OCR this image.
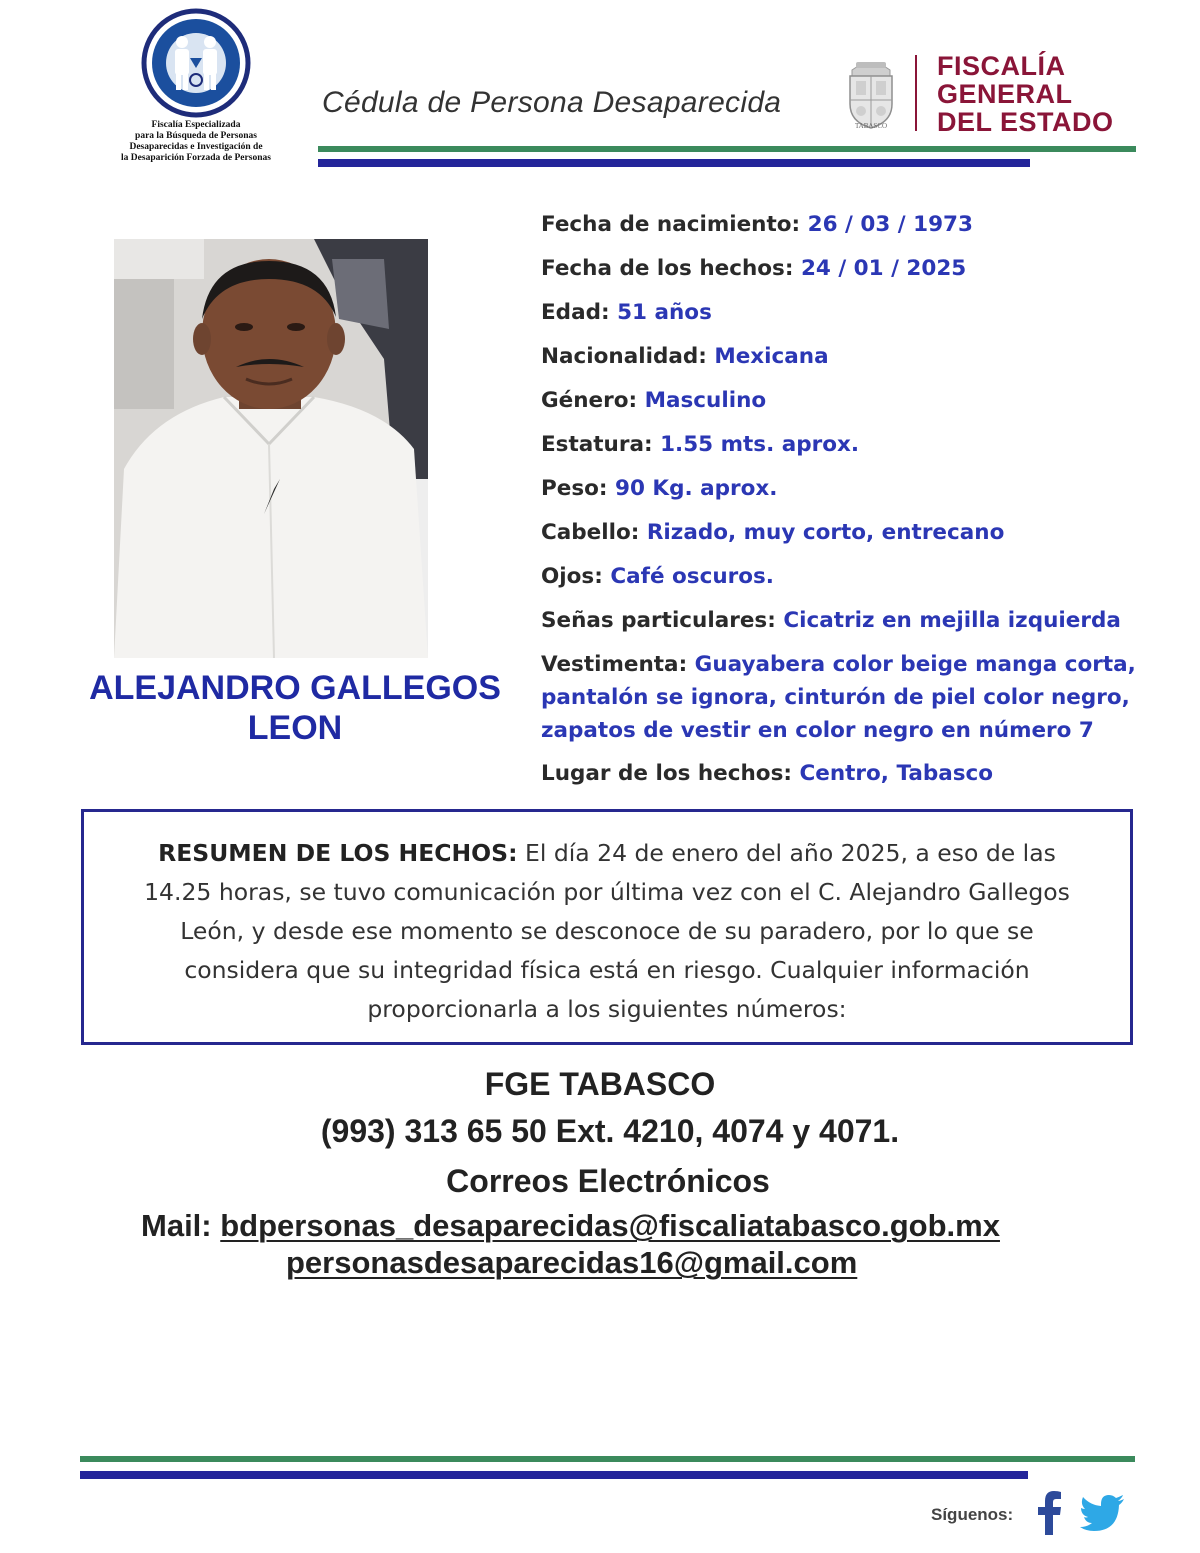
Fiscalía Especializada
para la Búsqueda de Personas
Desaparecidas e Investigación de
la Desaparición Forzada de Personas
Cédula de Persona Desaparecida
TABASCO
FISCALÍA
GENERAL
DEL ESTADO
ALEJANDRO GALLEGOS
LEON
Fecha de nacimiento: 26 / 03 / 1973
Fecha de los hechos: 24 / 01 / 2025
Edad: 51 años
Nacionalidad: Mexicana
Género: Masculino
Estatura: 1.55 mts. aprox.
Peso: 90 Kg. aprox.
Cabello: Rizado, muy corto, entrecano
Ojos: Café oscuros.
Señas particulares: Cicatriz en mejilla izquierda
Vestimenta: Guayabera color beige manga corta,
pantalón se ignora, cinturón de piel color negro,
zapatos de vestir en color negro en número 7
Lugar de los hechos: Centro, Tabasco
RESUMEN DE LOS HECHOS: El día 24 de enero del año 2025, a eso de las
14.25 horas, se tuvo comunicación por última vez con el C. Alejandro Gallegos
León, y desde ese momento se desconoce de su paradero, por lo que se
considera que su integridad física está en riesgo. Cualquier información
proporcionarla a los siguientes números:
FGE TABASCO
(993) 313 65 50 Ext. 4210, 4074 y 4071.
Correos Electrónicos
Mail: bdpersonas_desaparecidas@fiscaliatabasco.gob.mx
personasdesaparecidas16@gmail.com
Síguenos:
